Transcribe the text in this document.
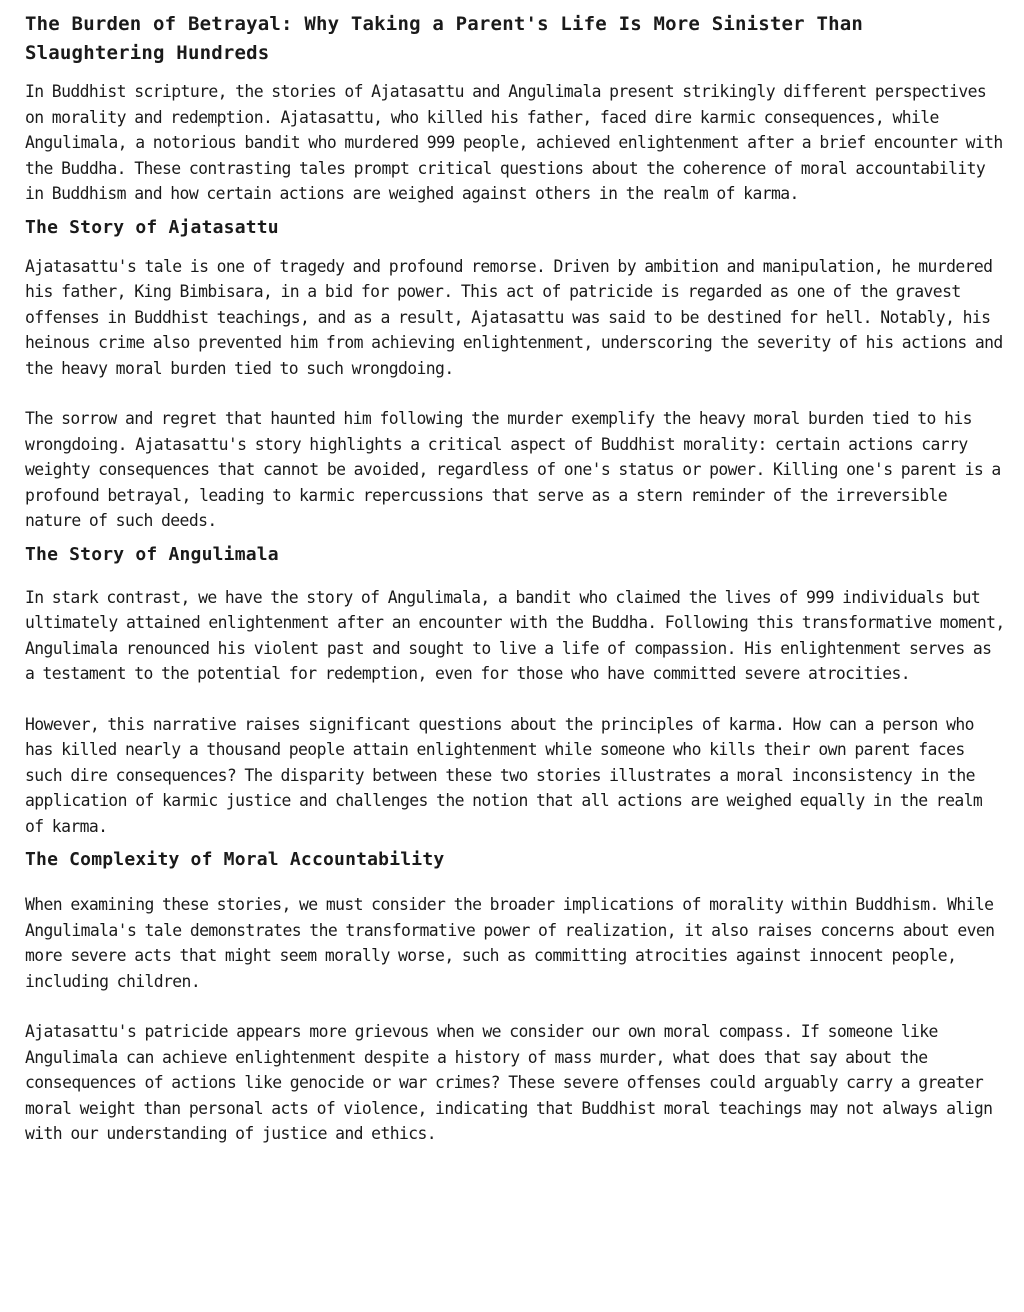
The Burden of Betrayal: Why Taking a Parent's Life Is More Sinister Than Slaughtering Hundreds

In Buddhist scripture, the stories of Ajatasattu and Angulimala present strikingly different perspectives on morality and redemption. Ajatasattu, who killed his father, faced dire karmic consequences, while Angulimala, a notorious bandit who murdered 999 people, achieved enlightenment after a brief encounter with the Buddha. These contrasting tales prompt critical questions about the coherence of moral accountability in Buddhism and how certain actions are weighed against others in the realm of karma.

The Story of Ajatasattu

Ajatasattu's tale is one of tragedy and profound remorse. Driven by ambition and manipulation, he murdered his father, King Bimbisara, in a bid for power. This act of patricide is regarded as one of the gravest offenses in Buddhist teachings, and as a result, Ajatasattu was said to be destined for hell. Notably, his heinous crime also prevented him from achieving enlightenment, underscoring the severity of his actions and the heavy moral burden tied to such wrongdoing.

The sorrow and regret that haunted him following the murder exemplify the heavy moral burden tied to his wrongdoing. Ajatasattu's story highlights a critical aspect of Buddhist morality: certain actions carry weighty consequences that cannot be avoided, regardless of one's status or power. Killing one's parent is a profound betrayal, leading to karmic repercussions that serve as a stern reminder of the irreversible nature of such deeds.

The Story of Angulimala

In stark contrast, we have the story of Angulimala, a bandit who claimed the lives of 999 individuals but ultimately attained enlightenment after an encounter with the Buddha. Following this transformative moment, Angulimala renounced his violent past and sought to live a life of compassion. His enlightenment serves as a testament to the potential for redemption, even for those who have committed severe atrocities.

However, this narrative raises significant questions about the principles of karma. How can a person who has killed nearly a thousand people attain enlightenment while someone who kills their own parent faces such dire consequences? The disparity between these two stories illustrates a moral inconsistency in the application of karmic justice and challenges the notion that all actions are weighed equally in the realm of karma.

The Complexity of Moral Accountability

When examining these stories, we must consider the broader implications of morality within Buddhism. While Angulimala's tale demonstrates the transformative power of realization, it also raises concerns about even more severe acts that might seem morally worse, such as committing atrocities against innocent people, including children.

Ajatasattu's patricide appears more grievous when we consider our own moral compass. If someone like Angulimala can achieve enlightenment despite a history of mass murder, what does that say about the consequences of actions like genocide or war crimes? These severe offenses could arguably carry a greater moral weight than personal acts of violence, indicating that Buddhist moral teachings may not always align with our understanding of justice and ethics.
